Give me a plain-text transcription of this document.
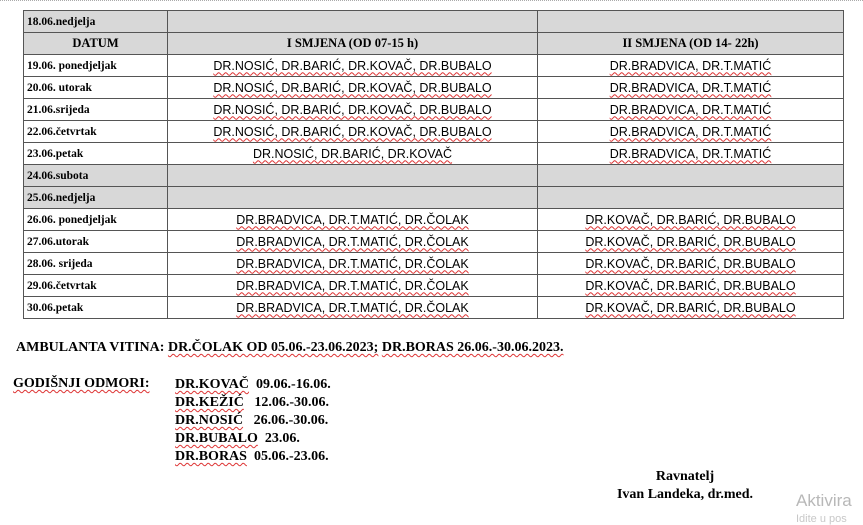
18.06.nedjelja		
DATUM	I SMJENA (OD 07-15 h)	II SMJENA (OD 14- 22h)
19.06. ponedjeljak	DR.NOSIĆ, DR.BARIĆ, DR.KOVAČ, DR.BUBALO	DR.BRADVICA, DR.T.MATIĆ
20.06. utorak	DR.NOSIĆ, DR.BARIĆ, DR.KOVAČ, DR.BUBALO	DR.BRADVICA, DR.T.MATIĆ
21.06.srijeda	DR.NOSIĆ, DR.BARIĆ, DR.KOVAČ, DR.BUBALO	DR.BRADVICA, DR.T.MATIĆ
22.06.četvrtak	DR.NOSIĆ, DR.BARIĆ, DR.KOVAČ, DR.BUBALO	DR.BRADVICA, DR.T.MATIĆ
23.06.petak	DR.NOSIĆ, DR.BARIĆ, DR.KOVAČ	DR.BRADVICA, DR.T.MATIĆ
24.06.subota		
25.06.nedjelja		
26.06. ponedjeljak	DR.BRADVICA, DR.T.MATIĆ, DR.ČOLAK	DR.KOVAČ, DR.BARIĆ, DR.BUBALO
27.06.utorak	DR.BRADVICA, DR.T.MATIĆ, DR.ČOLAK	DR.KOVAČ, DR.BARIĆ, DR.BUBALO
28.06. srijeda	DR.BRADVICA, DR.T.MATIĆ, DR.ČOLAK	DR.KOVAČ, DR.BARIĆ, DR.BUBALO
29.06.četvrtak	DR.BRADVICA, DR.T.MATIĆ, DR.ČOLAK	DR.KOVAČ, DR.BARIĆ, DR.BUBALO
30.06.petak	DR.BRADVICA, DR.T.MATIĆ, DR.ČOLAK	DR.KOVAČ, DR.BARIĆ, DR.BUBALO
AMBULANTA VITINA: DR.ČOLAK OD 05.06.-23.06.2023; DR.BORAS 26.06.-30.06.2023.
GODIŠNJI ODMORI: DR.KOVAČ 09.06.-16.06.
DR.KEŽIĆ 12.06.-30.06.
DR.NOSIĆ 26.06.-30.06.
DR.BUBALO 23.06.
DR.BORAS 05.06.-23.06.
Ravnatelj
Ivan Landeka, dr.med.	Aktivira
Idite u pos
